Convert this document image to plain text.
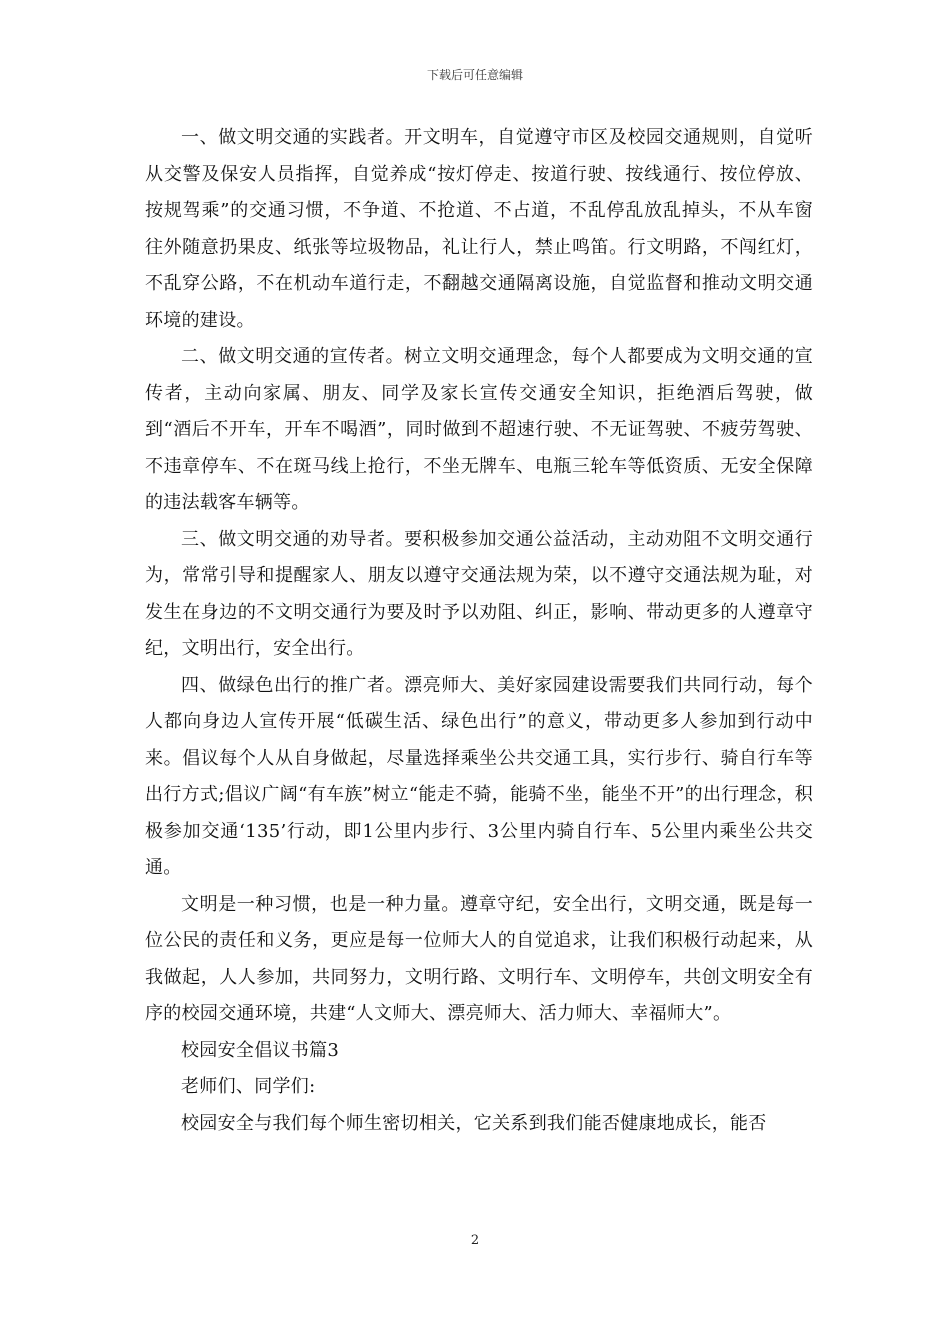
下载后可任意编辑

一、做文明交通的实践者。开文明车，自觉遵守市区及校园交通规则，自觉听从交警及保安人员指挥，自觉养成“按灯停走、按道行驶、按线通行、按位停放、按规驾乘”的交通习惯，不争道、不抢道、不占道，不乱停乱放乱掉头，不从车窗往外随意扔果皮、纸张等垃圾物品，礼让行人，禁止鸣笛。行文明路，不闯红灯，不乱穿公路，不在机动车道行走，不翻越交通隔离设施，自觉监督和推动文明交通环境的建设。

二、做文明交通的宣传者。树立文明交通理念，每个人都要成为文明交通的宣传者，主动向家属、朋友、同学及家长宣传交通安全知识，拒绝酒后驾驶，做到“酒后不开车，开车不喝酒”，同时做到不超速行驶、不无证驾驶、不疲劳驾驶、不违章停车、不在斑马线上抢行，不坐无牌车、电瓶三轮车等低资质、无安全保障的违法载客车辆等。

三、做文明交通的劝导者。要积极参加交通公益活动，主动劝阻不文明交通行为，常常引导和提醒家人、朋友以遵守交通法规为荣，以不遵守交通法规为耻，对发生在身边的不文明交通行为要及时予以劝阻、纠正，影响、带动更多的人遵章守纪，文明出行，安全出行。

四、做绿色出行的推广者。漂亮师大、美好家园建设需要我们共同行动，每个人都向身边人宣传开展“低碳生活、绿色出行”的意义，带动更多人参加到行动中来。倡议每个人从自身做起，尽量选择乘坐公共交通工具，实行步行、骑自行车等出行方式;倡议广阔“有车族”树立“能走不骑，能骑不坐，能坐不开”的出行理念，积极参加交通‘135’行动，即1公里内步行、3公里内骑自行车、5公里内乘坐公共交通。

文明是一种习惯，也是一种力量。遵章守纪，安全出行，文明交通，既是每一位公民的责任和义务，更应是每一位师大人的自觉追求，让我们积极行动起来，从我做起，人人参加，共同努力，文明行路、文明行车、文明停车，共创文明安全有序的校园交通环境，共建“人文师大、漂亮师大、活力师大、幸福师大”。

校园安全倡议书篇3

老师们、同学们:

校园安全与我们每个师生密切相关，它关系到我们能否健康地成长，能否

2
